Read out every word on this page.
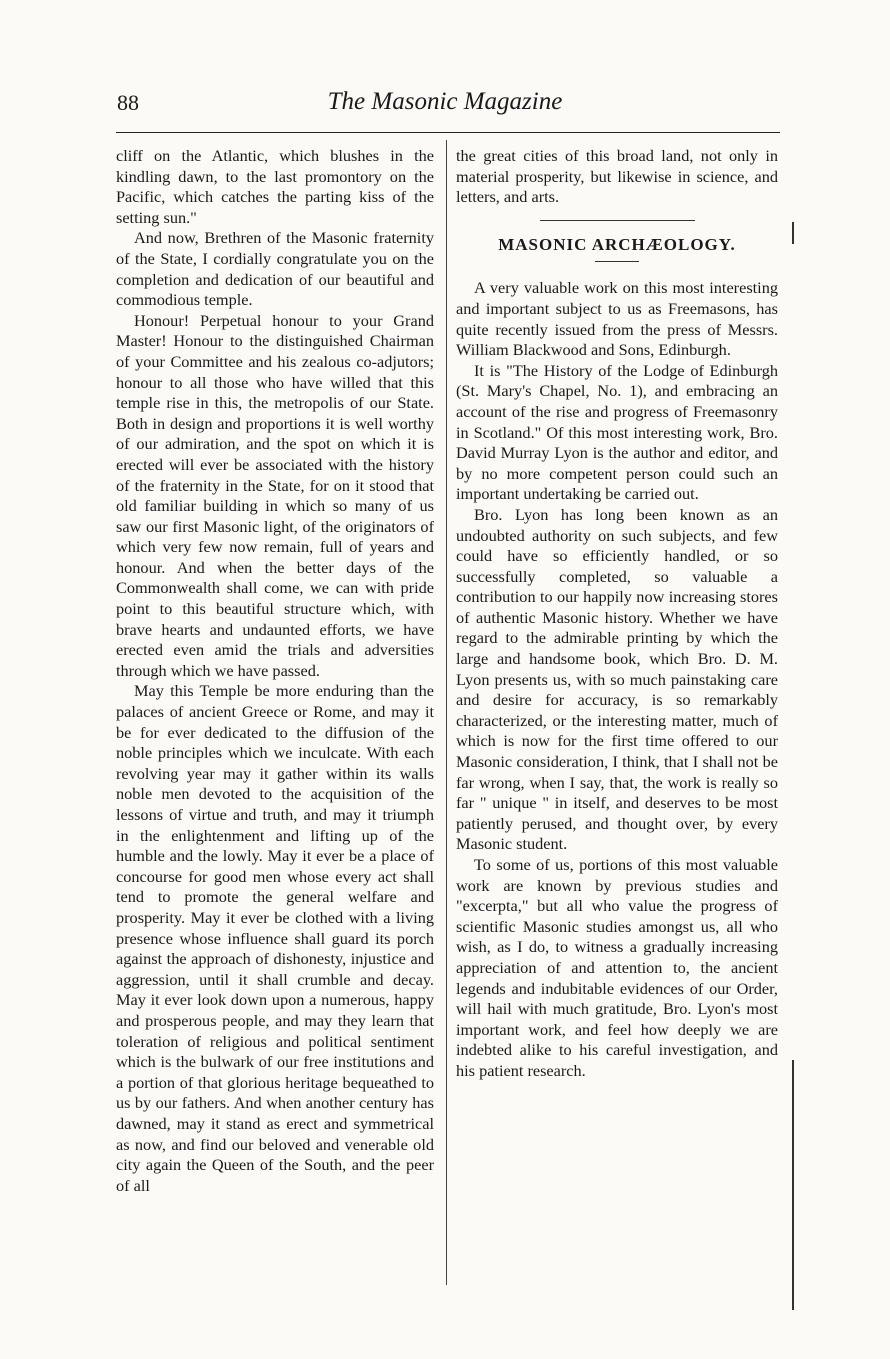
88	The Masonic Magazine

cliff on the Atlantic, which blushes in the kindling dawn, to the last promontory on the Pacific, which catches the parting kiss of the setting sun."

And now, Brethren of the Masonic fraternity of the State, I cordially congratulate you on the completion and dedication of our beautiful and commodious temple.

Honour! Perpetual honour to your Grand Master! Honour to the distinguished Chairman of your Committee and his zealous co-adjutors; honour to all those who have willed that this temple rise in this, the metropolis of our State. Both in design and proportions it is well worthy of our admiration, and the spot on which it is erected will ever be associated with the history of the fraternity in the State, for on it stood that old familiar building in which so many of us saw our first Masonic light, of the originators of which very few now remain, full of years and honour. And when the better days of the Commonwealth shall come, we can with pride point to this beautiful structure which, with brave hearts and undaunted efforts, we have erected even amid the trials and adversities through which we have passed.

May this Temple be more enduring than the palaces of ancient Greece or Rome, and may it be for ever dedicated to the diffusion of the noble principles which we inculcate. With each revolving year may it gather within its walls noble men devoted to the acquisition of the lessons of virtue and truth, and may it triumph in the enlightenment and lifting up of the humble and the lowly. May it ever be a place of concourse for good men whose every act shall tend to promote the general welfare and prosperity. May it ever be clothed with a living presence whose influence shall guard its porch against the approach of dishonesty, injustice and aggression, until it shall crumble and decay. May it ever look down upon a numerous, happy and prosperous people, and may they learn that toleration of religious and political sentiment which is the bulwark of our free institutions and a portion of that glorious heritage bequeathed to us by our fathers. And when another century has dawned, may it stand as erect and symmetrical as now, and find our beloved and venerable old city again the Queen of the South, and the peer of all

the great cities of this broad land, not only in material prosperity, but likewise in science, and letters, and arts.

MASONIC ARCHÆOLOGY.

A very valuable work on this most interesting and important subject to us as Freemasons, has quite recently issued from the press of Messrs. William Blackwood and Sons, Edinburgh.

It is "The History of the Lodge of Edinburgh (St. Mary's Chapel, No. 1), and embracing an account of the rise and progress of Freemasonry in Scotland." Of this most interesting work, Bro. David Murray Lyon is the author and editor, and by no more competent person could such an important undertaking be carried out.

Bro. Lyon has long been known as an undoubted authority on such subjects, and few could have so efficiently handled, or so successfully completed, so valuable a contribution to our happily now increasing stores of authentic Masonic history. Whether we have regard to the admirable printing by which the large and handsome book, which Bro. D. M. Lyon presents us, with so much painstaking care and desire for accuracy, is so remarkably characterized, or the interesting matter, much of which is now for the first time offered to our Masonic consideration, I think, that I shall not be far wrong, when I say, that, the work is really so far " unique " in itself, and deserves to be most patiently perused, and thought over, by every Masonic student.

To some of us, portions of this most valuable work are known by previous studies and "excerpta," but all who value the progress of scientific Masonic studies amongst us, all who wish, as I do, to witness a gradually increasing appreciation of and attention to, the ancient legends and indubitable evidences of our Order, will hail with much gratitude, Bro. Lyon's most important work, and feel how deeply we are indebted alike to his careful investigation, and his patient research.
